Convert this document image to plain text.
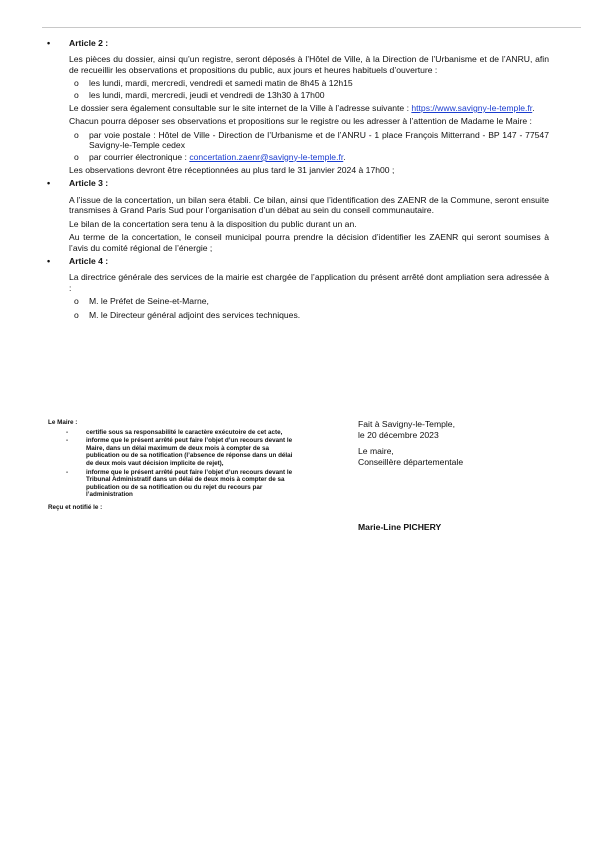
• Article 2 :

Les pièces du dossier, ainsi qu’un registre, seront déposés à l’Hôtel de Ville, à la Direction de l’Urbanisme et de l’ANRU, afin de recueillir les observations et propositions du public, aux jours et heures habituels d’ouverture :

o les lundi, mardi, mercredi, vendredi et samedi matin de 8h45 à 12h15
o les lundi, mardi, mercredi, jeudi et vendredi de 13h30 à 17h00

Le dossier sera également consultable sur le site internet de la Ville à l’adresse suivante : https://www.savigny-le-temple.fr.

Chacun pourra déposer ses observations et propositions sur le registre ou les adresser à l’attention de Madame le Maire :

o par voie postale : Hôtel de Ville - Direction de l’Urbanisme et de l’ANRU - 1 place François Mitterrand - BP 147 - 77547 Savigny-le-Temple cedex
o par courrier électronique : concertation.zaenr@savigny-le-temple.fr.

Les observations devront être réceptionnées au plus tard le 31 janvier 2024 à 17h00 ;

• Article 3 :

A l’issue de la concertation, un bilan sera établi. Ce bilan, ainsi que l’identification des ZAENR de la Commune, seront ensuite transmises à Grand Paris Sud pour l’organisation d’un débat au sein du conseil communautaire.

Le bilan de la concertation sera tenu à la disposition du public durant un an.

Au terme de la concertation, le conseil municipal pourra prendre la décision d’identifier les ZAENR qui seront soumises à l’avis du comité régional de l’énergie ;

• Article 4 :

La directrice générale des services de la mairie est chargée de l’application du présent arrêté dont ampliation sera adressée à :

o M. le Préfet de Seine-et-Marne,
o M. le Directeur général adjoint des services techniques.
Le Maire :
-	certifie sous sa responsabilité le caractère exécutoire de cet acte,
-	informe que le présent arrêté peut faire l’objet d’un recours devant le Maire, dans un délai maximum de deux mois à compter de sa publication ou de sa notification (l’absence de réponse dans un délai de deux mois vaut décision implicite de rejet),
-	informe que le présent arrêté peut faire l’objet d’un recours devant le Tribunal Administratif dans un délai de deux mois à compter de sa publication ou de sa notification ou du rejet du recours par l’administration
Reçu et notifié le :
Fait à Savigny-le-Temple,
le 20 décembre 2023
Le maire,
Conseillère départementale
Marie-Line PICHERY
